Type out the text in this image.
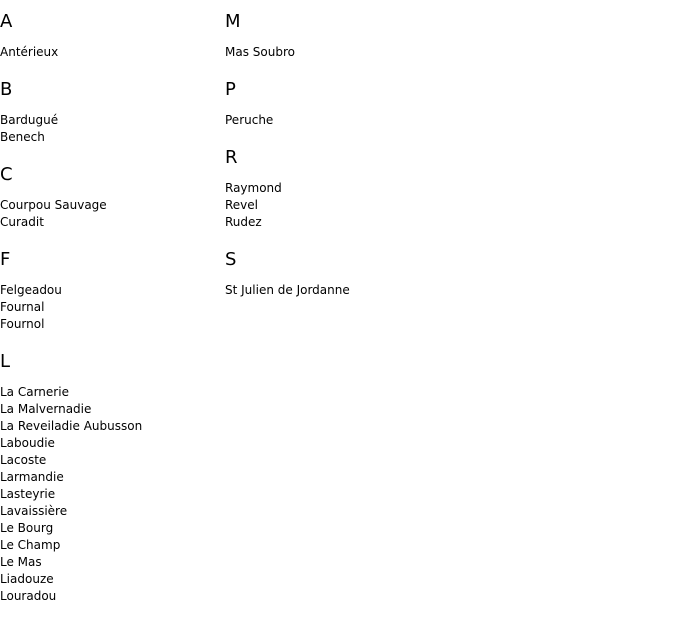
A
Antérieux
B
Bardugué
Benech
C
Courpou Sauvage
Curadit
F
Felgeadou
Fournal
Fournol
L
La Carnerie
La Malvernadie
La Reveiladie Aubusson
Laboudie
Lacoste
Larmandie
Lasteyrie
Lavaissière
Le Bourg
Le Champ
Le Mas
Liadouze
Louradou
M
Mas Soubro
P
Peruche
R
Raymond
Revel
Rudez
S
St Julien de Jordanne
